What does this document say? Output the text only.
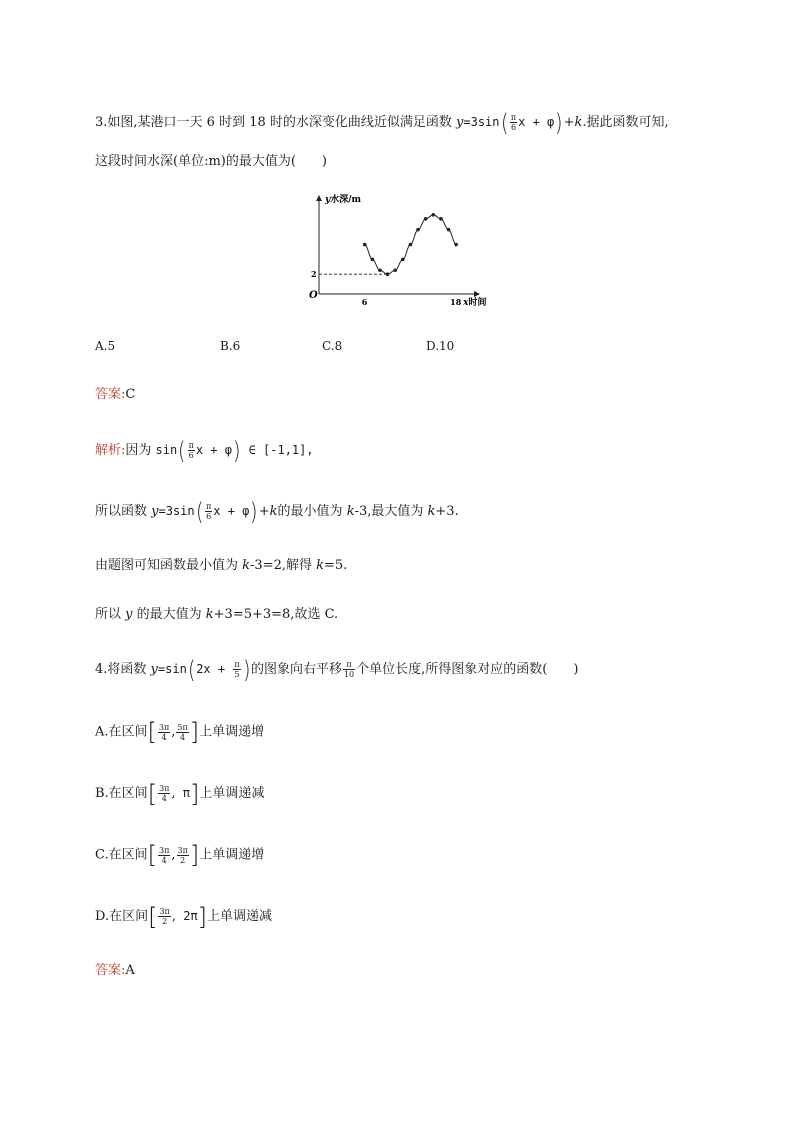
3.如图,某港口一天 6 时到 18 时的水深变化曲线近似满足函数 $y=3\sin( \frac{\pi}{6}$ x + φ)+k.据此函数可知,
这段时间水深(单位:m)的最大值为(　　)
O
6	18
2
y水深/m
x时间
A.5	B.6	C.8	D.10
答案:C
解析:因为 $\sin( \frac{\pi}{6}$ x + φ) ∈ [-1,1],
所以函数 $y=3\sin( \frac{\pi}{6}$ x + φ)+k的最小值为 k-3,最大值为 k+3.
由题图可知函数最小值为 k-3=2,解得 k=5.
所以 y 的最大值为 k+3=5+3=8,故选 C.
4.将函数 $y=\sin(2x + \frac{\pi}{5}$ )的图象向右平移 $\frac{\pi}{10}$ 个单位长度,所得图象对应的函数(　　)
A.在区间[ $\frac{3\pi}{4}$ , $\frac{5\pi}{4}$ ]上单调递增
B.在区间[ $\frac{3\pi}{4}$ , π]上单调递减
C.在区间[ $\frac{3\pi}{4}$ , $\frac{3\pi}{2}$ ]上单调递增
D.在区间[ $\frac{3\pi}{2}$ , 2π]上单调递减
答案:A
